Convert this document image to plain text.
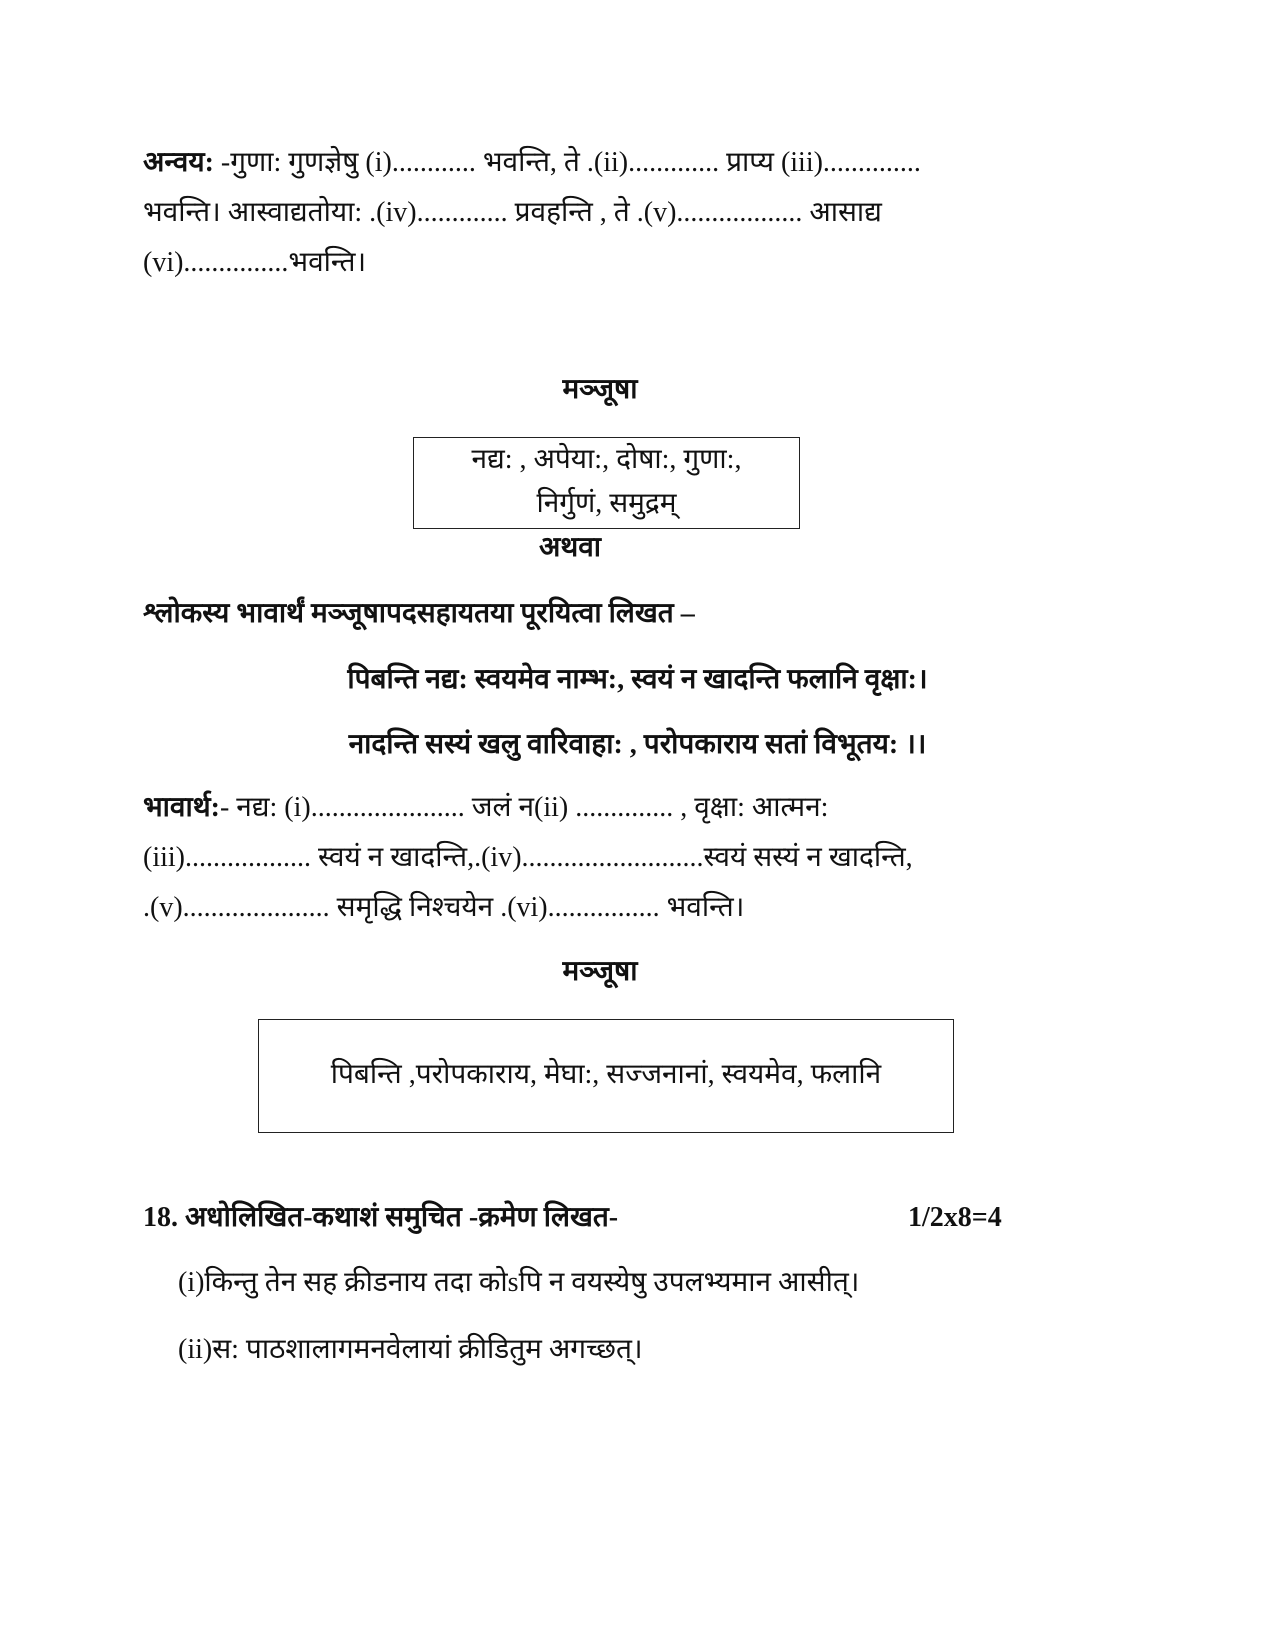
अन्वय: -गुणा: गुणज्ञेषु (i)............ भवन्ति, ते .(ii)............. प्राप्य (iii)..............
भवन्ति। आस्वाद्यतोया: .(iv)............. प्रवहन्ति , ते .(v).................. आसाद्य
(vi)...............भवन्ति।
मञ्जूषा
नद्य: , अपेया:, दोषा:, गुणा:,
निर्गुणं, समुद्रम्
अथवा
श्लोकस्य भावार्थं मञ्जूषापदसहायतया पूरयित्वा लिखत –
पिबन्ति नद्य: स्वयमेव नाम्भ:, स्वयं न खादन्ति फलानि वृक्षा:।
नादन्ति सस्यं खलु वारिवाहा: , परोपकाराय सतां विभूतय: ।।
भावार्थ:- नद्य: (i)...................... जलं न(ii) .............. , वृक्षा: आत्मन:
(iii).................. स्वयं न खादन्ति,.(iv)..........................स्वयं सस्यं न खादन्ति,
.(v)..................... समृद्धि निश्चयेन .(vi)................ भवन्ति।
मञ्जूषा
पिबन्ति ,परोपकाराय, मेघा:, सज्जनानां, स्वयमेव, फलानि
18. अधोलिखित-कथाशं समुचित -क्रमेण लिखत-	1/2x8=4
(i)किन्तु तेन सह क्रीडनाय तदा कोsपि न वयस्येषु उपलभ्यमान आसीत्।
(ii)स: पाठशालागमनवेलायां क्रीडितुम अगच्छत्।
